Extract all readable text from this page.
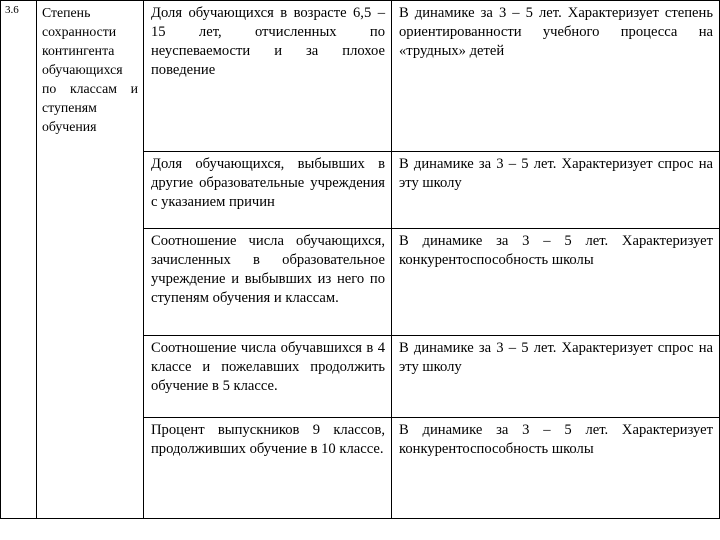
3.6	Степень сохранности контингента обучающихся по классам и ступеням обучения	Доля обучающихся в возрасте 6,5 – 15 лет, отчисленных по неуспеваемости и за плохое поведение	В динамике за 3 – 5 лет. Характеризует степень ориентированности учебного процесса на «трудных» детей
		Доля обучающихся, выбывших в другие образовательные учреждения с указанием причин	В динамике за 3 – 5 лет. Характеризует спрос на эту школу
		Соотношение числа обучающихся, зачисленных в образовательное учреждение и выбывших из него по ступеням обучения и классам.	В динамике за 3 – 5 лет. Характеризует конкурентоспособность школы
		Соотношение числа обучавшихся в 4 классе и пожелавших продолжить обучение в 5 классе.	В динамике за 3 – 5 лет. Характеризует спрос на эту школу
		Процент выпускников 9 классов, продолживших обучение в 10 классе.	В динамике за 3 – 5 лет. Характеризует конкурентоспособность школы
